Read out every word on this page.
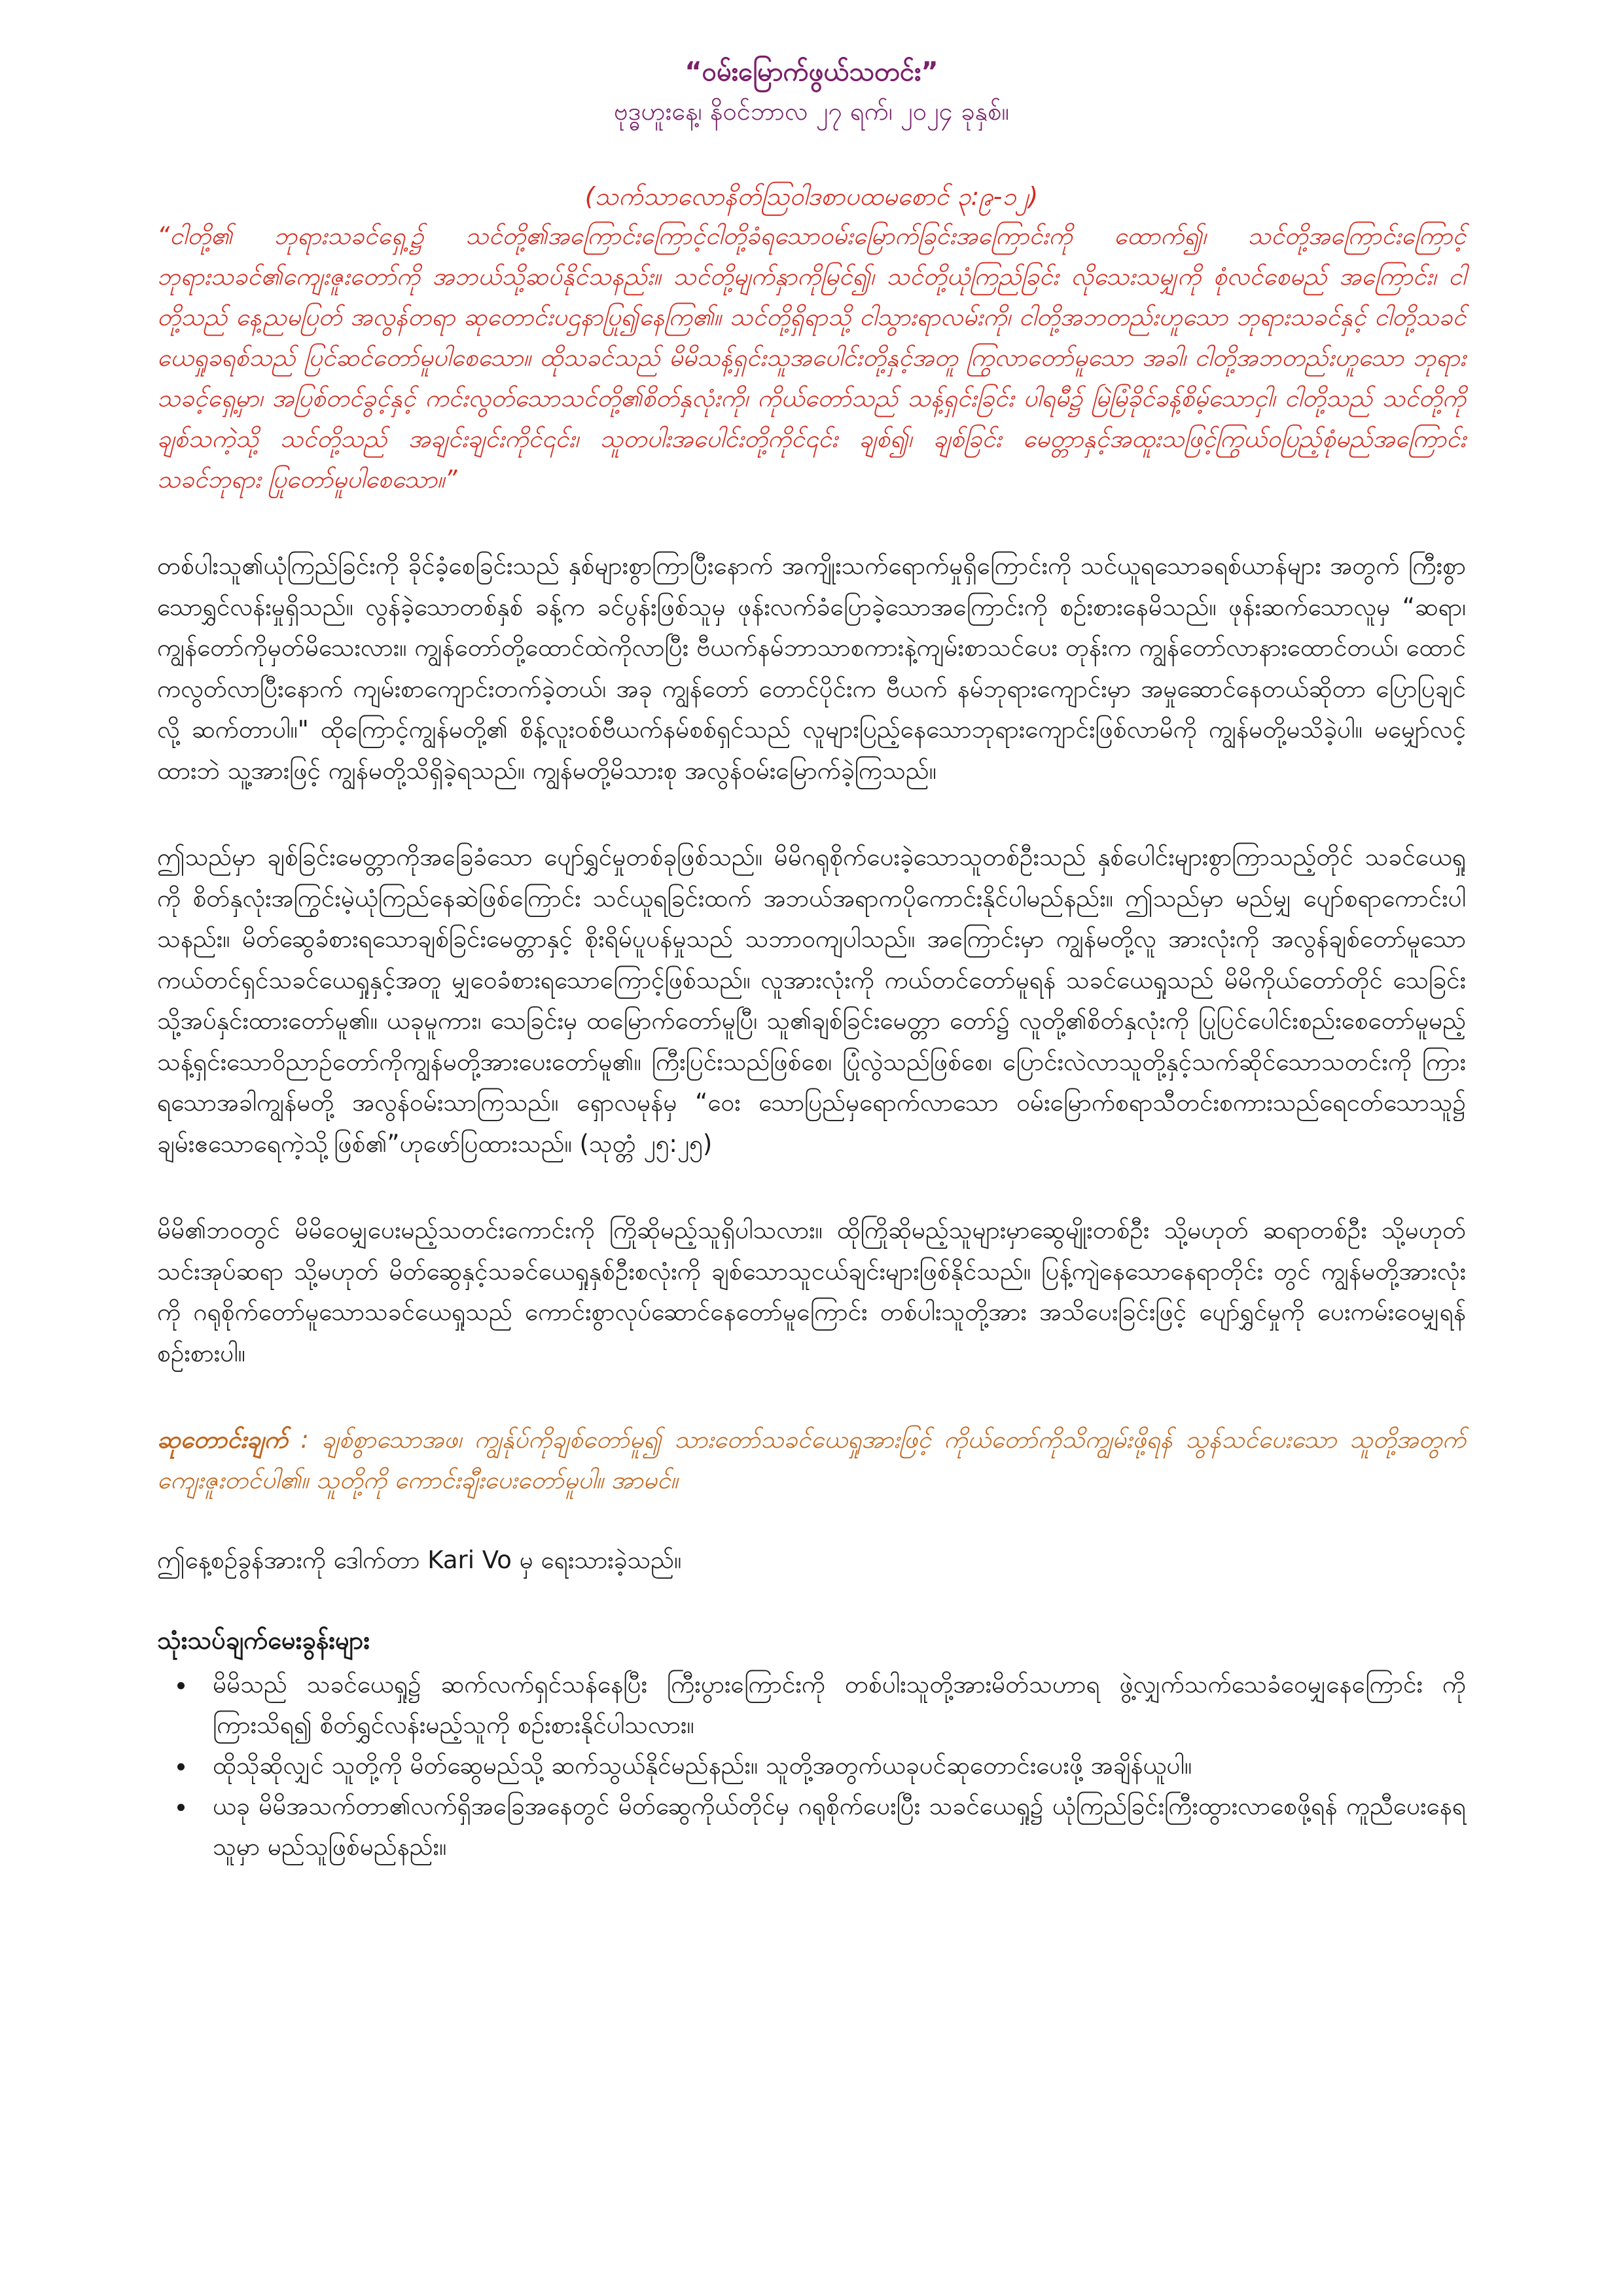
“ဝမ်းမြောက်ဖွယ်သတင်း”

ဗုဒ္ဓဟူးနေ့၊ နိဝင်ဘာလ ၂၇ ရက်၊ ၂၀၂၄ ခုနှစ်။

(သက်သာလောနိတ်ဩဝါဒစာပထမစောင် ၃:၉-၁၂)

“ငါတို့၏ ဘုရားသခင်ရှေ့၌ သင်တို့၏အကြောင်းကြောင့်ငါတို့ခံရသောဝမ်းမြောက်ခြင်းအကြောင်းကို ထောက်၍၊ သင်တို့အကြောင်းကြောင့် ဘုရားသခင်၏ကျေးဇူးတော်ကို အဘယ်သို့ဆပ်နိုင်သနည်း။ သင်တို့မျက်နှာကိုမြင်၍၊ သင်တို့ယုံကြည်ခြင်း လိုသေးသမျှကို စုံလင်စေမည် အကြောင်း၊ ငါတို့သည် နေ့ညမပြတ် အလွန်တရာ ဆုတောင်းပဌနာပြု၍နေကြ၏။ သင်တို့ရှိရာသို့ ငါသွားရာလမ်းကို၊ ငါတို့အဘတည်းဟူသော ဘုရားသခင်နှင့် ငါတို့သခင်ယေရှုခရစ်သည် ပြင်ဆင်တော်မူပါစေသော။ ထိုသခင်သည် မိမိသန့်ရှင်းသူအပေါင်းတို့နှင့်အတူ ကြွလာတော်မူသော အခါ၊ ငါတို့အဘတည်းဟူသော ဘုရားသခင့်ရှေ့မှာ၊ အပြစ်တင်ခွင့်နှင့် ကင်းလွတ်သောသင်တို့၏စိတ်နှလုံးကို၊ ကိုယ်တော်သည် သန့်ရှင်းခြင်း ပါရမီ၌ မြဲမြံခိုင်ခန့်စိမ့်သောငှါ၊ ငါတို့သည် သင်တို့ကိုချစ်သကဲ့သို့ သင်တို့သည် အချင်းချင်းကိုင်၎င်း၊ သူတပါးအပေါင်းတို့ကိုင်၎င်း ချစ်၍၊ ချစ်ခြင်း မေတ္တာနှင့်အထူးသဖြင့်ကြွယ်ဝပြည့်စုံမည်အကြောင်း သခင်ဘုရား ပြုတော်မူပါစေသော။”

တစ်ပါးသူ၏ယုံကြည်ခြင်းကို ခိုင်ခံ့စေခြင်းသည် နှစ်များစွာကြာပြီးနောက် အကျိုးသက်ရောက်မှုရှိကြောင်းကို သင်ယူရသောခရစ်ယာန်များ အတွက် ကြီးစွာသောရွှင်လန်းမှုရှိသည်။ လွန်ခဲ့သောတစ်နှစ် ခန့်က ခင်ပွန်းဖြစ်သူမှ ဖုန်းလက်ခံပြောခဲ့သောအကြောင်းကို စဉ်းစားနေမိသည်။ ဖုန်းဆက်သောလူမှ “ဆရာ၊ ကျွန်တော်ကိုမှတ်မိသေးလား။ ကျွန်တော်တို့ထောင်ထဲကိုလာပြီး ဗီယက်နမ်ဘာသာစကားနဲ့ကျမ်းစာသင်ပေး တုန်းက ကျွန်တော်လာနားထောင်တယ်၊ ထောင်ကလွတ်လာပြီးနောက် ကျမ်းစာကျောင်းတက်ခဲ့တယ်၊ အခု ကျွန်တော် တောင်ပိုင်းက ဗီယက် နမ်ဘုရားကျောင်းမှာ အမှုဆောင်နေတယ်ဆိုတာ ပြောပြချင်လို့ ဆက်တာပါ။" ထိုကြောင့်ကျွန်မတို့၏ စိန့်လူးဝစ်ဗီယက်နမ်စစ်ရှင်သည် လူများပြည့်နေသောဘုရားကျောင်းဖြစ်လာမိကို ကျွန်မတို့မသိခဲ့ပါ။ မမျှော်လင့်ထားဘဲ သူ့အားဖြင့် ကျွန်မတို့သိရှိခဲ့ရသည်။ ကျွန်မတို့မိသားစု အလွန်ဝမ်းမြောက်ခဲ့ကြသည်။

ဤသည်မှာ ချစ်ခြင်းမေတ္တာကိုအခြေခံသော ပျော်ရွှင်မှုတစ်ခုဖြစ်သည်။ မိမိဂရုစိုက်ပေးခဲ့သောသူတစ်ဦးသည် နှစ်ပေါင်းများစွာကြာသည့်တိုင် သခင်ယေရှုကို စိတ်နှလုံးအကြွင်းမဲ့ယုံကြည်နေဆဲဖြစ်ကြောင်း သင်ယူရခြင်းထက် အဘယ်အရာကပိုကောင်းနိုင်ပါမည်နည်း။ ဤသည်မှာ မည်မျှ ပျော်စရာကောင်းပါသနည်း။ မိတ်ဆွေခံစားရသောချစ်ခြင်းမေတ္တာနှင့် စိုးရိမ်ပူပန်မှုသည် သဘာဝကျပါသည်။ အကြောင်းမှာ ကျွန်မတို့လူ အားလုံးကို အလွန်ချစ်တော်မူသော ကယ်တင်ရှင်သခင်ယေရှုနှင့်အတူ မျှဝေခံစားရသောကြောင့်ဖြစ်သည်။ လူအားလုံးကို ကယ်တင်တော်မူရန် သခင်ယေရှုသည် မိမိကိုယ်တော်တိုင် သေခြင်းသို့အပ်နှင်းထားတော်မူ၏။ ယခုမူကား၊ သေခြင်းမှ ထမြောက်တော်မူပြီ၊ သူ၏ချစ်ခြင်းမေတ္တာ တော်၌ လူတို့၏စိတ်နှလုံးကို ပြုပြင်ပေါင်းစည်းစေတော်မူမည့် သန့်ရှင်းသောဝိညာဉ်တော်ကိုကျွန်မတို့အားပေးတော်မူ၏။ ကြီးပြင်းသည်ဖြစ်စေ၊ ပြုံလွဲသည်ဖြစ်စေ၊ ပြောင်းလဲလာသူတို့နှင့်သက်ဆိုင်သောသတင်းကို ကြားရသောအခါကျွန်မတို့ အလွန်ဝမ်းသာကြသည်။ ရှောလမုန်မှ “ဝေး သောပြည်မှရောက်လာသော ဝမ်းမြောက်စရာသီတင်းစကားသည်ရေငတ်သောသူ၌ ချမ်းဧသောရေကဲ့သို့ဖြစ်၏”ဟုဖော်ပြထားသည်။ (သုတ္တံ ၂၅:၂၅)

မိမိ၏ဘဝတွင် မိမိဝေမျှပေးမည့်သတင်းကောင်းကို ကြိုဆိုမည့်သူရှိပါသလား။ ထိုကြိုဆိုမည့်သူများမှာဆွေမျိုးတစ်ဦး သို့မဟုတ် ဆရာတစ်ဦး သို့မဟုတ် သင်းအုပ်ဆရာ သို့မဟုတ် မိတ်ဆွေနှင့်သခင်ယေရှုနှစ်ဦးစလုံးကို ချစ်သောသူငယ်ချင်းများဖြစ်နိုင်သည်။ ပြန့်ကျဲနေသောနေရာတိုင်း တွင် ကျွန်မတို့အားလုံးကို ဂရုစိုက်တော်မူသောသခင်ယေရှုသည် ကောင်းစွာလုပ်ဆောင်နေတော်မူကြောင်း တစ်ပါးသူတို့အား အသိပေးခြင်းဖြင့် ပျော်ရွှင်မှုကို ပေးကမ်းဝေမျှရန် စဉ်းစားပါ။

ဆုတောင်းချက် : ချစ်စွာသောအဖ၊ ကျွန်ုပ်ကိုချစ်တော်မူ၍ သားတော်သခင်ယေရှုအားဖြင့် ကိုယ်တော်ကိုသိကျွမ်းဖို့ရန် သွန်သင်ပေးသော သူတို့အတွက် ကျေးဇူးတင်ပါ၏။ သူတို့ကို ကောင်းချီးပေးတော်မူပါ။ အာမင်။

ဤနေ့စဉ်ခွန်အားကို ဒေါက်တာ Kari Vo မှ ရေးသားခဲ့သည်။

သုံးသပ်ချက်မေးခွန်းများ

• မိမိသည် သခင်ယေရှု၌ ဆက်လက်ရှင်သန်နေပြီး ကြီးပွားကြောင်းကို တစ်ပါးသူတို့အားမိတ်သဟာရ ဖွဲ့လျှက်သက်သေခံဝေမျှနေကြောင်း ကို ကြားသိရ၍ စိတ်ရွှင်လန်းမည့်သူကို စဉ်းစားနိုင်ပါသလား။
• ထိုသိုဆိုလျှင် သူတို့ကို မိတ်ဆွေမည်သို့ ဆက်သွယ်နိုင်မည်နည်း။ သူတို့အတွက်ယခုပင်ဆုတောင်းပေးဖို့ အချိန်ယူပါ။
• ယခု မိမိအသက်တာ၏လက်ရှိအခြေအနေတွင် မိတ်ဆွေကိုယ်တိုင်မှ ဂရုစိုက်ပေးပြီး သခင်ယေရှု၌ ယုံကြည်ခြင်းကြီးထွားလာစေဖို့ရန် ကူညီပေးနေရသူမှာ မည်သူဖြစ်မည်နည်း။
